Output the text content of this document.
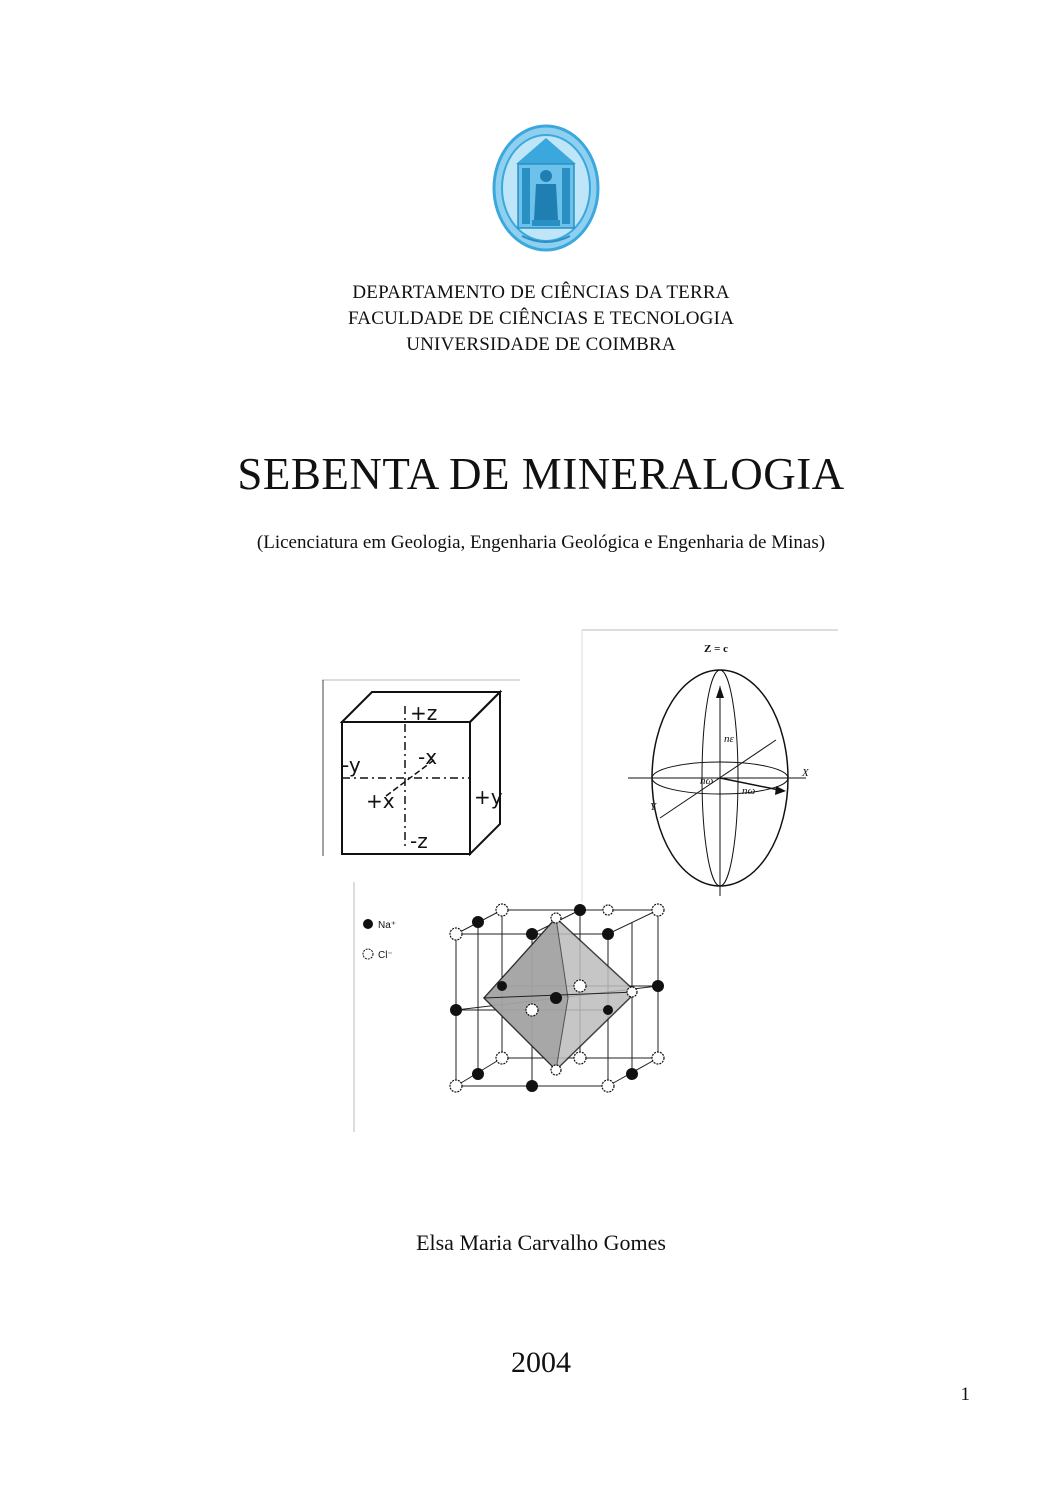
DEPARTAMENTO DE CIÊNCIAS DA TERRA
FACULDADE DE CIÊNCIAS E TECNOLOGIA
UNIVERSIDADE DE COIMBRA
SEBENTA DE MINERALOGIA
(Licenciatura em Geologia, Engenharia Geológica e Engenharia de Minas)
+z
-z
+x
-x
+y
-y
Z = c
X
Y
nε
nω
nω
Na⁺
Cl⁻
Elsa Maria Carvalho Gomes
2004
1
